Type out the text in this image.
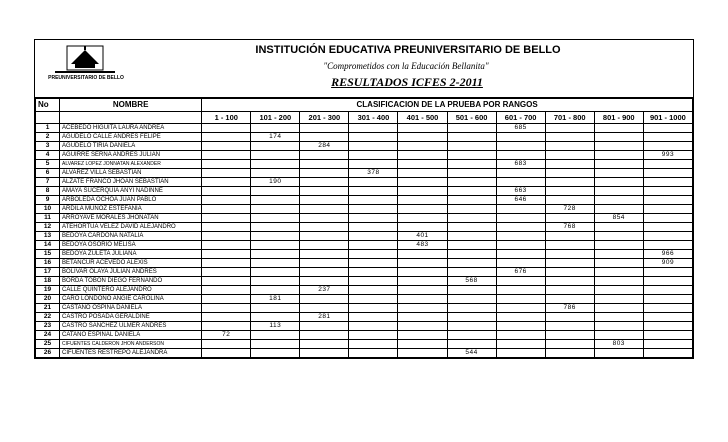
PREUNIVERSITARIO DE BELLO
INSTITUCIÓN EDUCATIVA PREUNIVERSITARIO DE BELLO
"Comprometidos con la Educación Bellanita"
RESULTADOS ICFES 2-2011
No	NOMBRE	CLASIFICACION DE LA PRUEBA POR RANGOS									
		1 - 100	101 - 200	201 - 300	301 - 400	401 - 500	501 - 600	601 - 700	701 - 800	801 - 900	901 - 1000
1	ACEBEDO HIGUITA LAURA ANDREA							685			
2	AGUDELO CALLE ANDRES FELIPE		174								
3	AGUDELO TIRIA DANIELA			284							
4	AGUIRRE SERNA ANDRES JULIAN										993
5	ALVAREZ LOPEZ JONNATAN ALEXANDER							683			
6	ALVAREZ VILLA SEBASTIAN				378						
7	ALZATE FRANCO JHOAN SEBASTIAN		190								
8	AMAYA SUCERQUIA ANYI NADINNE							663			
9	ARBOLEDA OCHOA JUAN PABLO							646			
10	ARDILA MUÑOZ ESTEFANIA								728		
11	ARROYAVE MORALES JHONATAN									854	
12	ATEHORTUA VELEZ DAVID ALEJANDRO								768		
13	BEDOYA CARDONA NATALIA					401					
14	BEDOYA OSORIO MELISA					483					
15	BEDOYA ZULETA JULIANA										966
16	BETANCUR ACEVEDO ALEXIS										909
17	BOLIVAR OLAYA JULIAN ANDRES							676			
18	BORDA TOBON DIEGO FERNANDO						568				
19	CALLE QUINTERO ALEJANDRO			237							
20	CARO LONDOÑO ANGIE CAROLINA		181								
21	CASTAÑO OSPINA DANIELA								786		
22	CASTRO POSADA GERALDINE			281							
23	CASTRO SANCHEZ ULMER ANDRES		113								
24	CATAÑO ESPINAL DANIELA	72									
25	CIFUENTES CALDERON JHON ANDERSON									803	
26	CIFUENTES RESTREPO ALEJANDRA						544				
